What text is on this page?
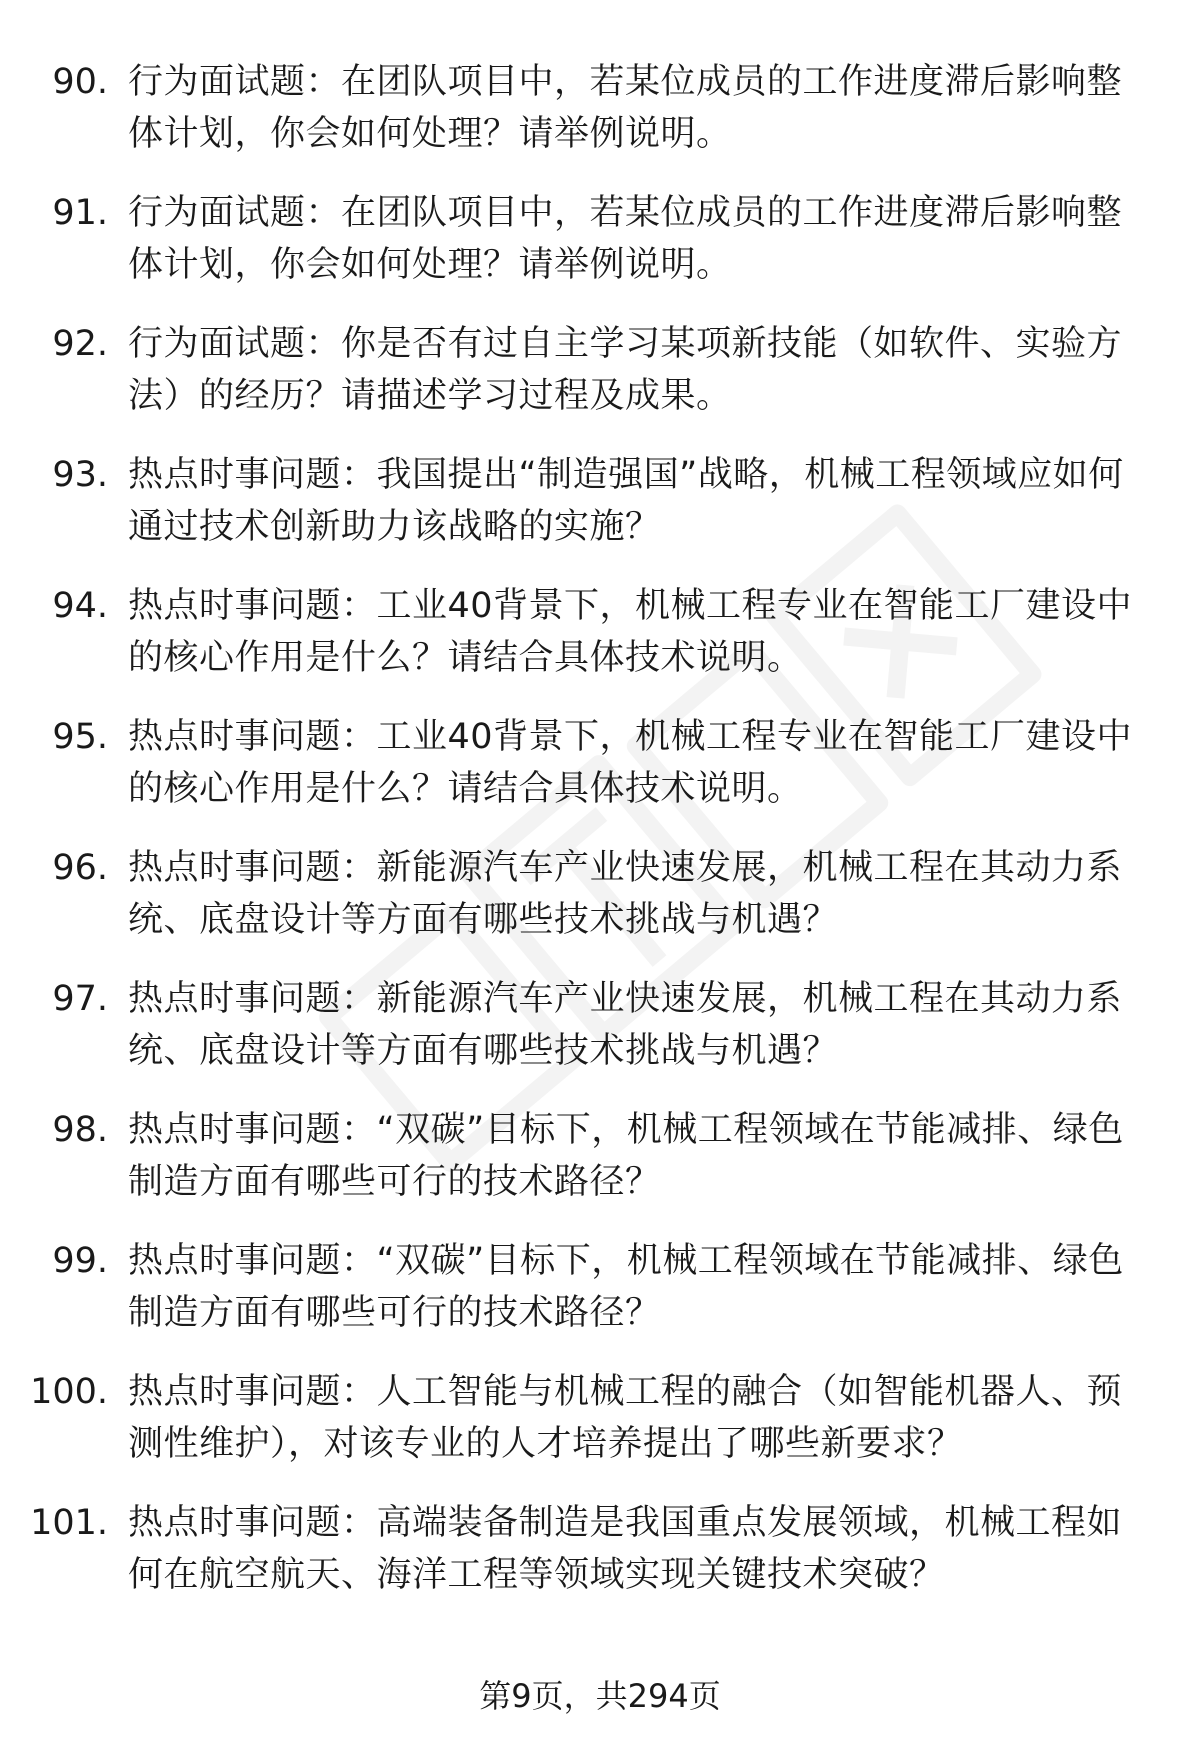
90. 行为面试题：在团队项目中，若某位成员的工作进度滞后影响整体计划，你会如何处理？请举例说明。
91. 行为面试题：在团队项目中，若某位成员的工作进度滞后影响整体计划，你会如何处理？请举例说明。
92. 行为面试题：你是否有过自主学习某项新技能（如软件、实验方法）的经历？请描述学习过程及成果。
93. 热点时事问题：我国提出“制造强国”战略，机械工程领域应如何通过技术创新助力该战略的实施？
94. 热点时事问题：工业40背景下，机械工程专业在智能工厂建设中的核心作用是什么？请结合具体技术说明。
95. 热点时事问题：工业40背景下，机械工程专业在智能工厂建设中的核心作用是什么？请结合具体技术说明。
96. 热点时事问题：新能源汽车产业快速发展，机械工程在其动力系统、底盘设计等方面有哪些技术挑战与机遇？
97. 热点时事问题：新能源汽车产业快速发展，机械工程在其动力系统、底盘设计等方面有哪些技术挑战与机遇？
98. 热点时事问题：“双碳”目标下，机械工程领域在节能减排、绿色制造方面有哪些可行的技术路径？
99. 热点时事问题：“双碳”目标下，机械工程领域在节能减排、绿色制造方面有哪些可行的技术路径？
100. 热点时事问题：人工智能与机械工程的融合（如智能机器人、预测性维护），对该专业的人才培养提出了哪些新要求？
101. 热点时事问题：高端装备制造是我国重点发展领域，机械工程如何在航空航天、海洋工程等领域实现关键技术突破？
第9页，共294页
